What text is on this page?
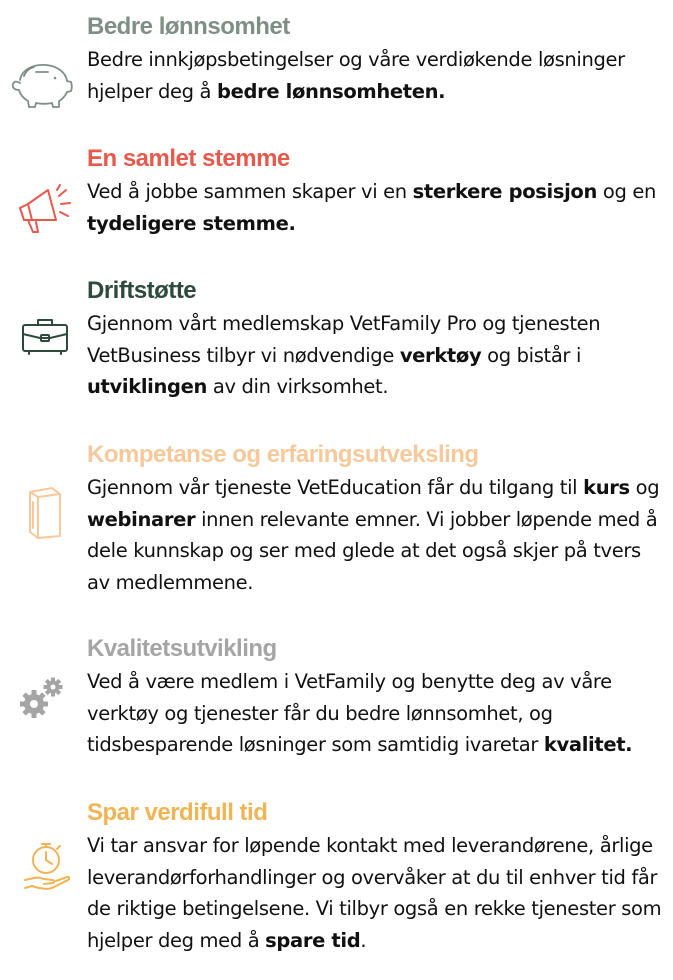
Bedre lønnsomhet

Bedre innkjøpsbetingelser og våre verdiøkende løsninger hjelper deg å bedre lønnsomheten.

En samlet stemme

Ved å jobbe sammen skaper vi en sterkere posisjon og en tydeligere stemme.

Driftstøtte

Gjennom vårt medlemskap VetFamily Pro og tjenesten VetBusiness tilbyr vi nødvendige verktøy og bistår i utviklingen av din virksomhet.

Kompetanse og erfaringsutveksling

Gjennom vår tjeneste VetEducation får du tilgang til kurs og webinarer innen relevante emner. Vi jobber løpende med å dele kunnskap og ser med glede at det også skjer på tvers av medlemmene.

Kvalitetsutvikling

Ved å være medlem i VetFamily og benytte deg av våre verktøy og tjenester får du bedre lønnsomhet, og tidsbesparende løsninger som samtidig ivaretar kvalitet.

Spar verdifull tid

Vi tar ansvar for løpende kontakt med leverandørene, årlige leverandørforhandlinger og overvåker at du til enhver tid får de riktige betingelsene. Vi tilbyr også en rekke tjenester som hjelper deg med å spare tid.
